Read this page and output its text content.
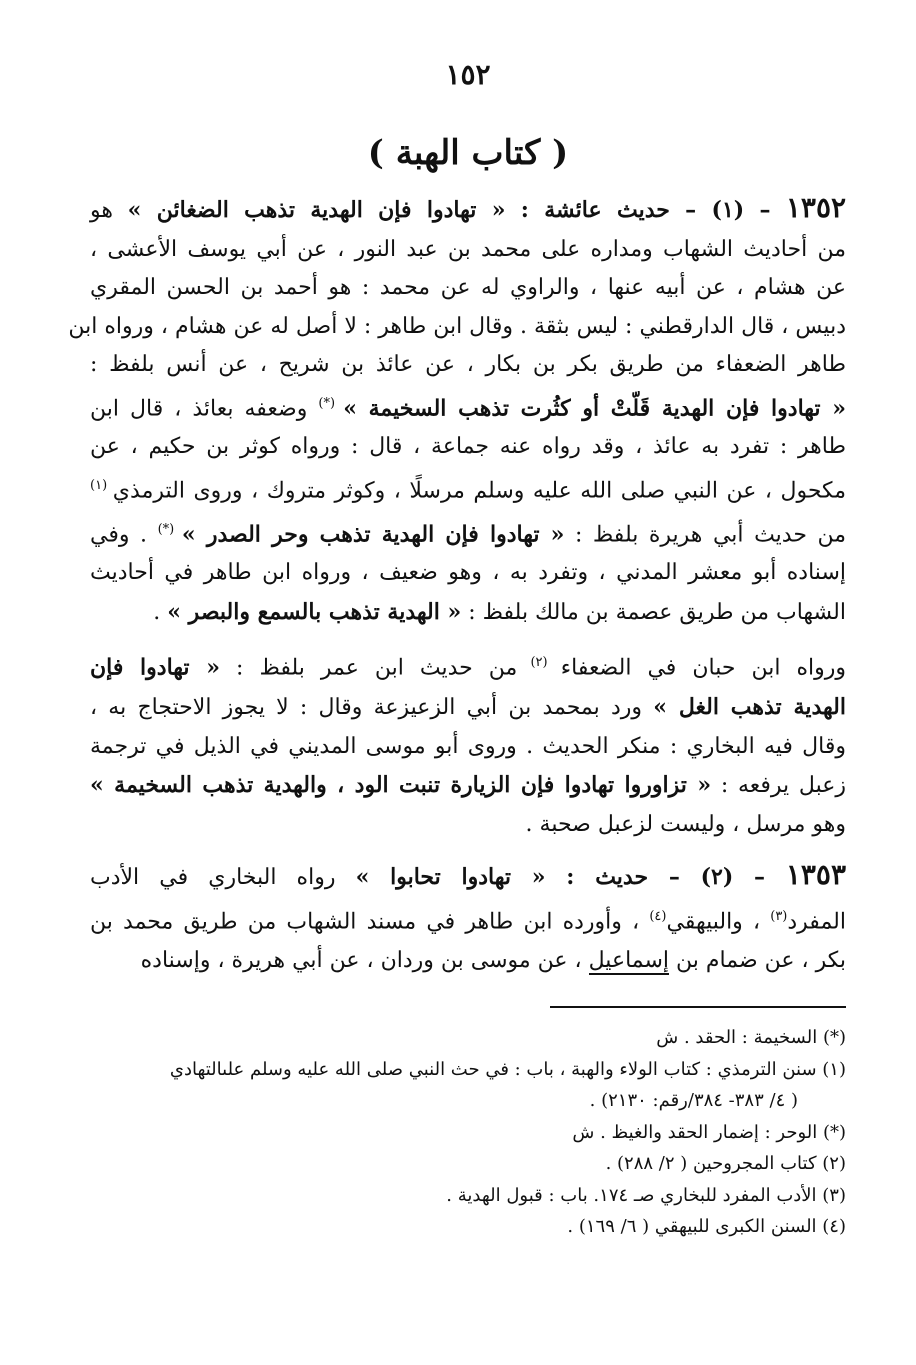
١٥٢
( كتاب الهبة )
١٣٥٢ – (١) – حديث عائشة : « تهادوا فإن الهدية تذهب الضغائن » هو
من أحاديث الشهاب ومداره على محمد بن عبد النور ، عن أبي يوسف الأعشى ،
عن هشام ، عن أبيه عنها ، والراوي له عن محمد : هو أحمد بن الحسن المقري
دبيس ، قال الدارقطني : ليس بثقة . وقال ابن طاهر : لا أصل له عن هشام ، ورواه ابن
طاهر الضعفاء من طريق بكر بن بكار ، عن عائذ بن شريح ، عن أنس بلفظ :
« تهادوا فإن الهدية قَلّتْ أو كثُرت تذهب السخيمة » (*) وضعفه بعائذ ، قال ابن
طاهر : تفرد به عائذ ، وقد رواه عنه جماعة ، قال : ورواه كوثر بن حكيم ، عن
مكحول ، عن النبي صلى الله عليه وسلم مرسلًا ، وكوثر متروك ، وروى الترمذي $^{(١)}$
من حديث أبي هريرة بلفظ : « تهادوا فإن الهدية تذهب وحر الصدر » (*) . وفي
إسناده أبو معشر المدني ، وتفرد به ، وهو ضعيف ، ورواه ابن طاهر في أحاديث
الشهاب من طريق عصمة بن مالك بلفظ : « الهدية تذهب بالسمع والبصر » .
ورواه ابن حبان في الضعفاء $^{(٢)}$ من حديث ابن عمر بلفظ : « تهادوا فإن
الهدية تذهب الغل » ورد بمحمد بن أبي الزعيزعة وقال : لا يجوز الاحتجاج به ،
وقال فيه البخاري : منكر الحديث . وروى أبو موسى المديني في الذيل في ترجمة
زعبل يرفعه : « تزاوروا تهادوا فإن الزيارة تنبت الود ، والهدية تذهب السخيمة »
وهو مرسل ، وليست لزعبل صحبة .
١٣٥٣ – (٢) – حديث : « تهادوا تحابوا » رواه البخاري في الأدب
المفرد$^{(٣)}$ ، والبيهقي$^{(٤)}$ ، وأورده ابن طاهر في مسند الشهاب من طريق محمد بن
بكر ، عن ضمام بن إسماعيل ، عن موسى بن وردان ، عن أبي هريرة ، وإسناده
(*) السخيمة : الحقد . ش
(١) سنن الترمذي : كتاب الولاء والهبة ، باب : في حث النبي صلى الله عليه وسلم علىالتهادي
( ٤/ ٣٨٣- ٣٨٤/رقم: ٢١٣٠) .
(*) الوحر : إضمار الحقد والغيظ . ش
(٢) كتاب المجروحين ( ٢/ ٢٨٨) .
(٣) الأدب المفرد للبخاري صـ ١٧٤. باب : قبول الهدية .
(٤) السنن الكبرى للبيهقي ( ٦/ ١٦٩) .
